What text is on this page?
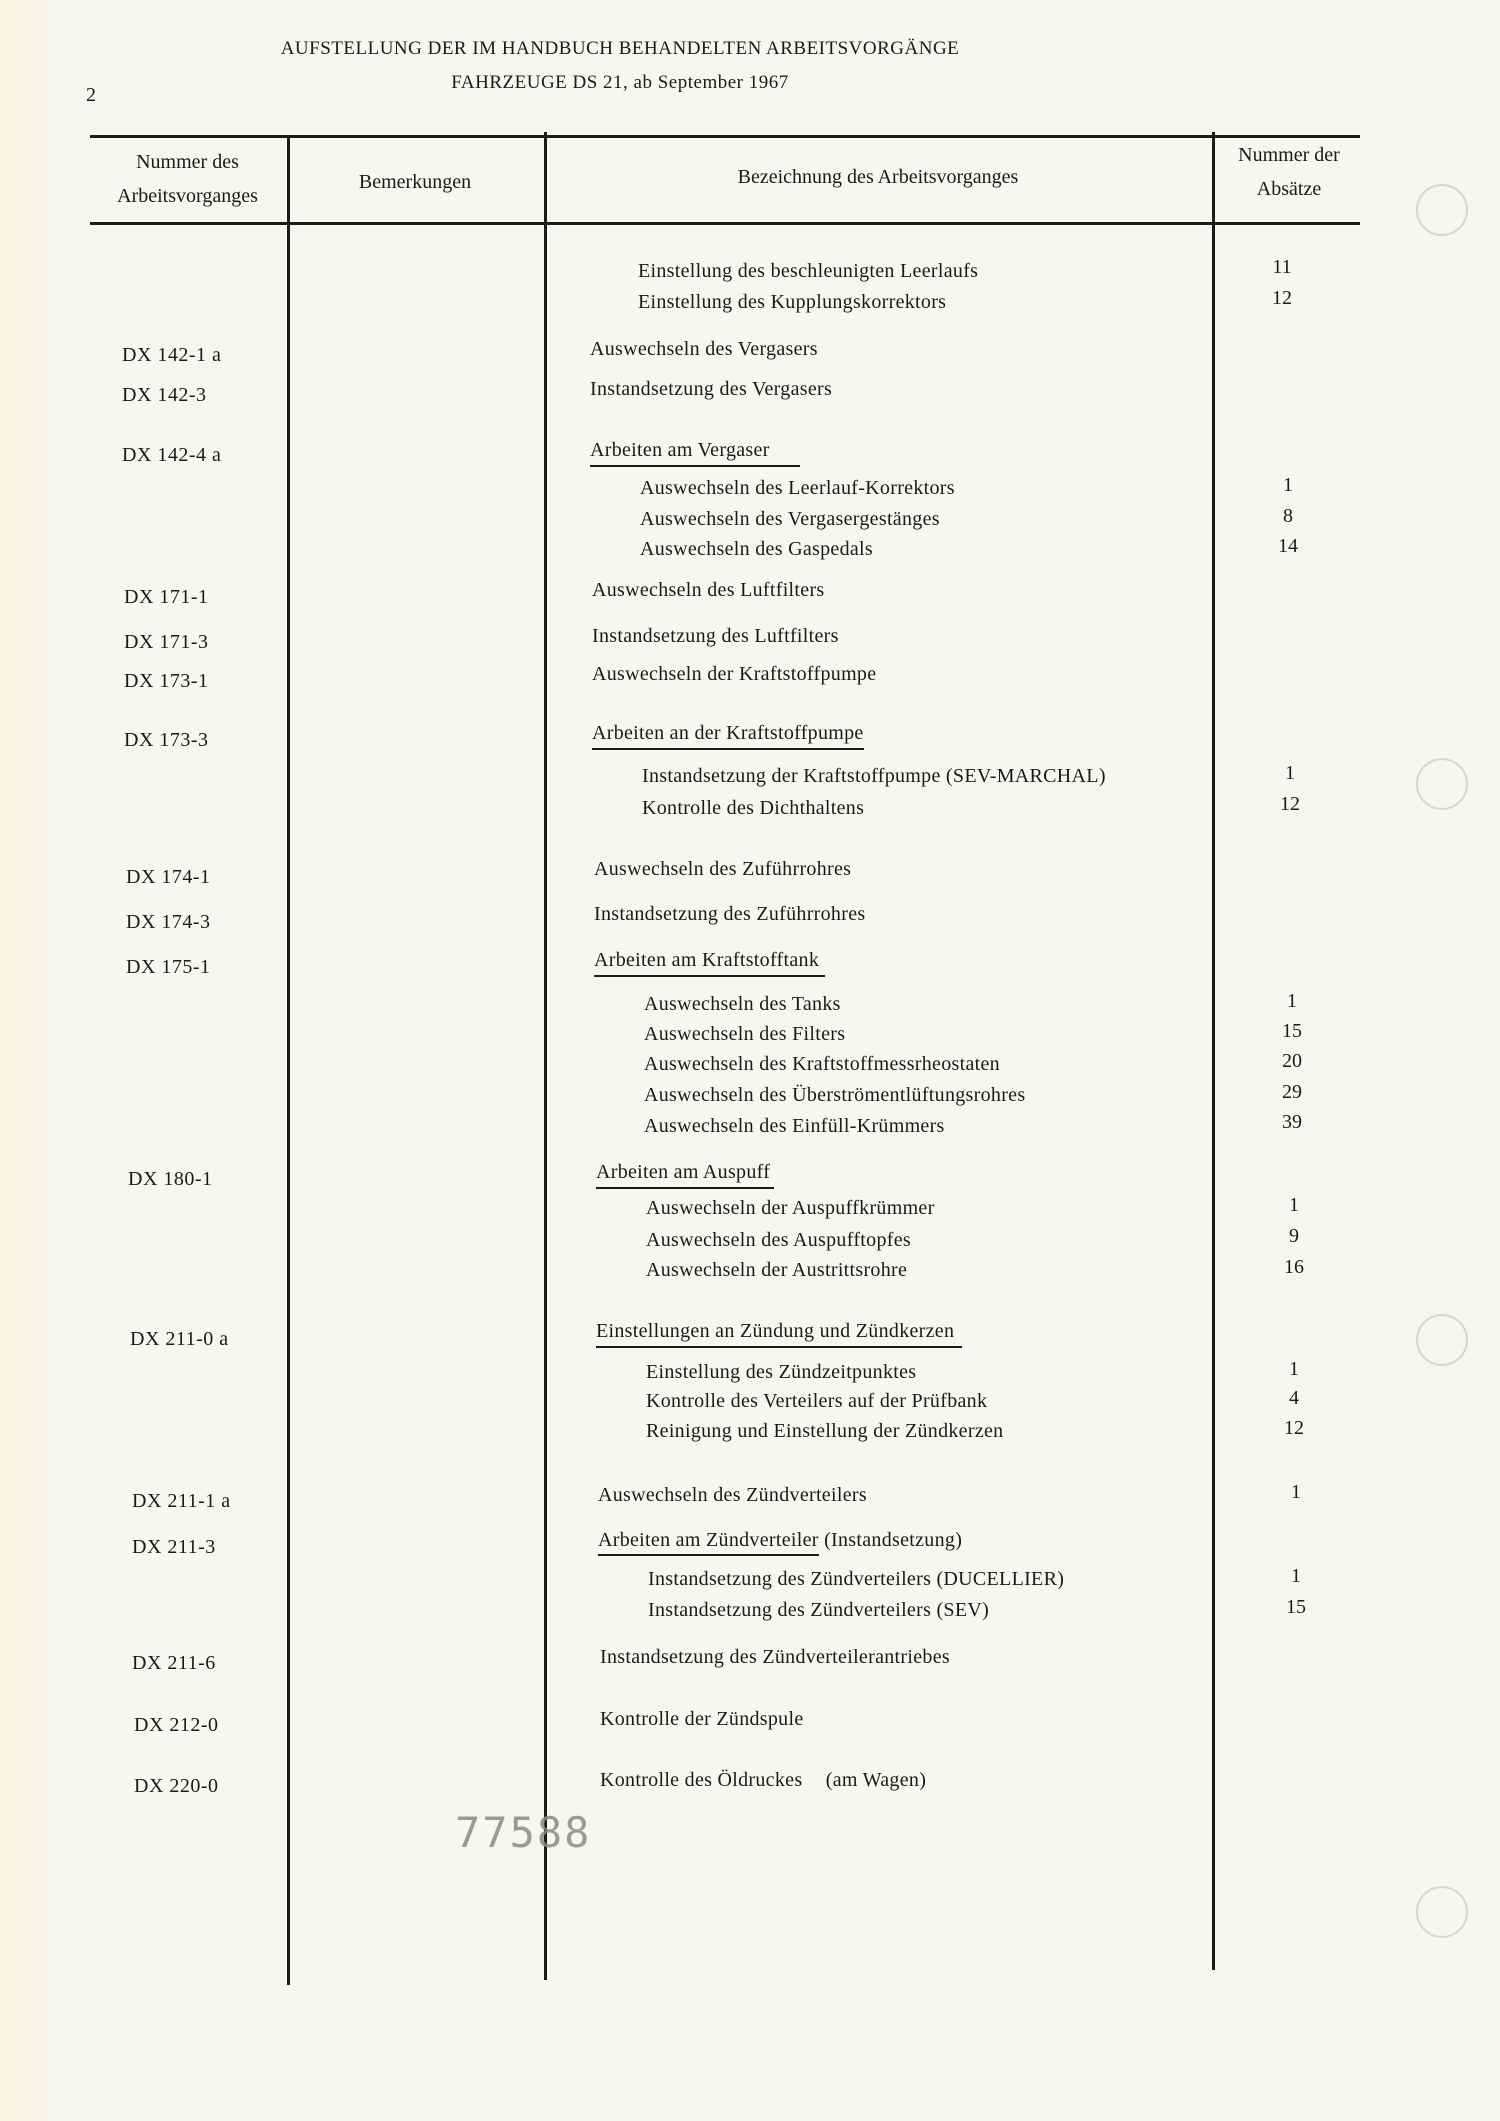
2
AUFSTELLUNG DER IM HANDBUCH BEHANDELTEN ARBEITSVORGÄNGE
FAHRZEUGE DS 21, ab September 1967
Nummer des
Arbeitsvorganges
Bemerkungen	Bezeichnung des Arbeitsvorganges
Nummer der
Absätze
Einstellung des beschleunigten Leerlaufs	11
Einstellung des Kupplungskorrektors	12
DX 142-1 a	Auswechseln des Vergasers
DX 142-3	Instandsetzung des Vergasers
DX 142-4 a	Arbeiten am Vergaser
Auswechseln des Leerlauf-Korrektors	1
Auswechseln des Vergasergestänges	8
Auswechseln des Gaspedals	14
DX 171-1	Auswechseln des Luftfilters
DX 171-3	Instandsetzung des Luftfilters
DX 173-1	Auswechseln der Kraftstoffpumpe
DX 173-3	Arbeiten an der Kraftstoffpumpe
Instandsetzung der Kraftstoffpumpe (SEV-MARCHAL)	1
Kontrolle des Dichthaltens	12
DX 174-1	Auswechseln des Zuführrohres
DX 174-3	Instandsetzung des Zuführrohres
DX 175-1	Arbeiten am Kraftstofftank
Auswechseln des Tanks	1
Auswechseln des Filters	15
Auswechseln des Kraftstoffmessrheostaten	20
Auswechseln des Überströmentlüftungsrohres	29
Auswechseln des Einfüll-Krümmers	39
DX 180-1	Arbeiten am Auspuff
Auswechseln der Auspuffkrümmer	1
Auswechseln des Auspufftopfes	9
Auswechseln der Austrittsrohre	16
DX 211-0 a	Einstellungen an Zündung und Zündkerzen
Einstellung des Zündzeitpunktes	1
Kontrolle des Verteilers auf der Prüfbank	4
Reinigung und Einstellung der Zündkerzen	12
DX 211-1 a	Auswechseln des Zündverteilers	1
DX 211-3	Arbeiten am Zündverteiler (Instandsetzung)
Instandsetzung des Zündverteilers (DUCELLIER)	1
Instandsetzung des Zündverteilers (SEV)	15
DX 211-6	Instandsetzung des Zündverteilerantriebes
DX 212-0	Kontrolle der Zündspule
DX 220-0	Kontrolle des Öldruckes (am Wagen)
77588
